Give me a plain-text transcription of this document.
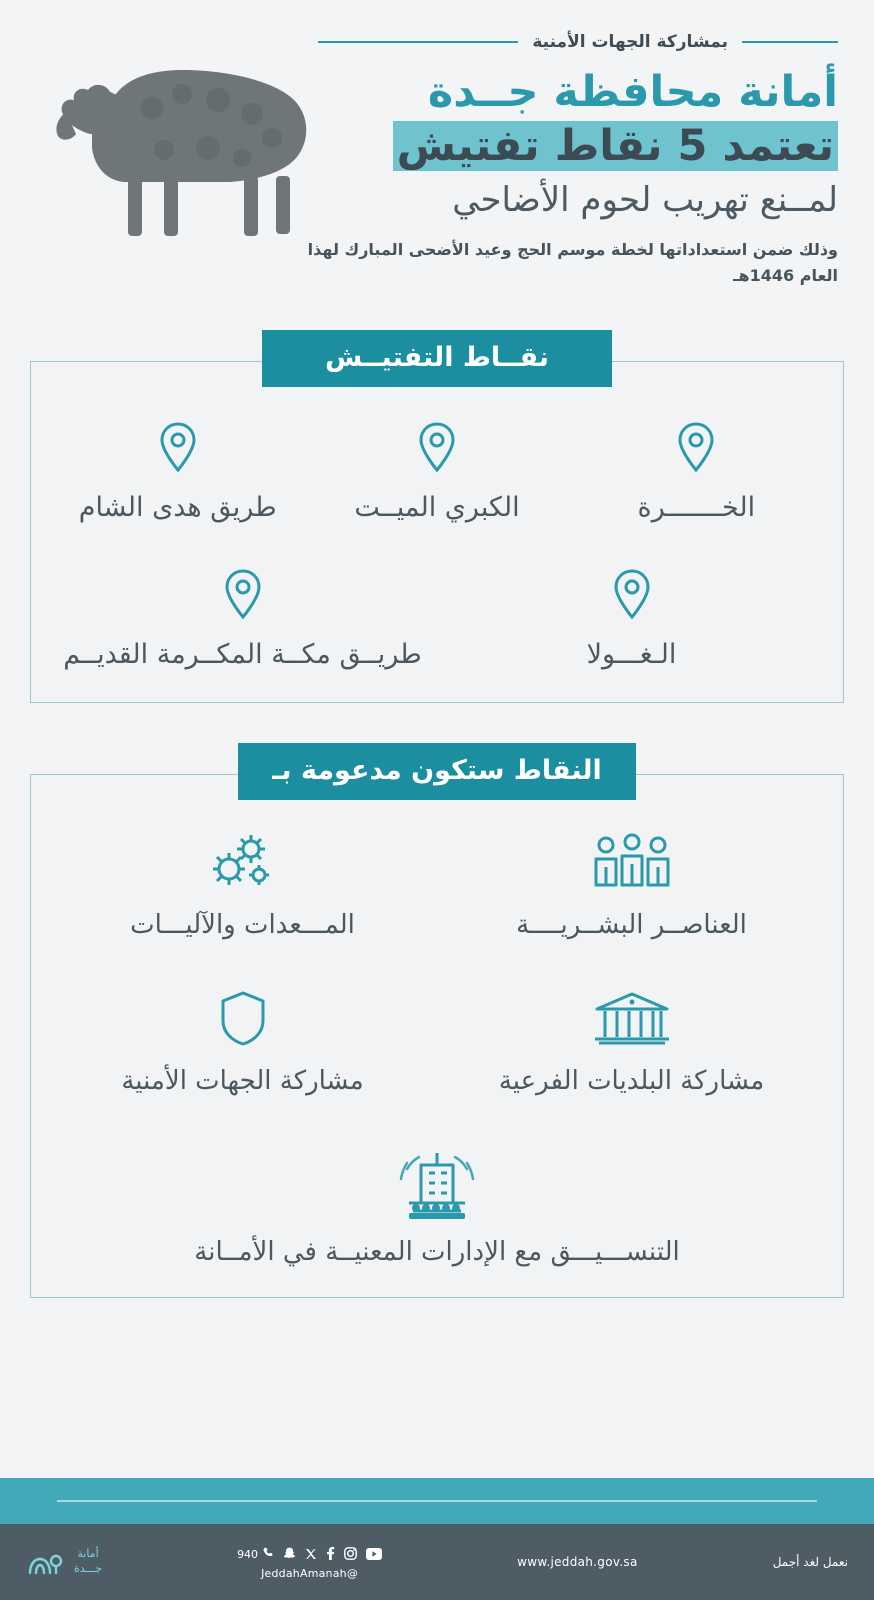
بمشاركة الجهات الأمنية
أمانة محافظة جــدة
تعتمد 5 نقاط تفتيش
لمــنع تهريب لحوم الأضاحي
وذلك ضمن استعداداتها لخطة موسم الحج وعيد الأضحى المبارك لهذا العام 1446هـ
نقــاط التفتيــش
الخـــــــرة
الكبري الميــت
طريق هدى الشام
الـغـــولا
طريــق مكــة المكــرمة القديــم
النقاط ستكون مدعومة بـ
العناصــر البشــريــــة
المـــعدات والآليـــات
مشاركة البلديات الفرعية
مشاركة الجهات الأمنية
التنســـيـــق مع الإدارات المعنيــة في الأمــانة
نعمل لغد أجمل
www.jeddah.gov.sa
940
@JeddahAmanah
أمانة
جـــدة
